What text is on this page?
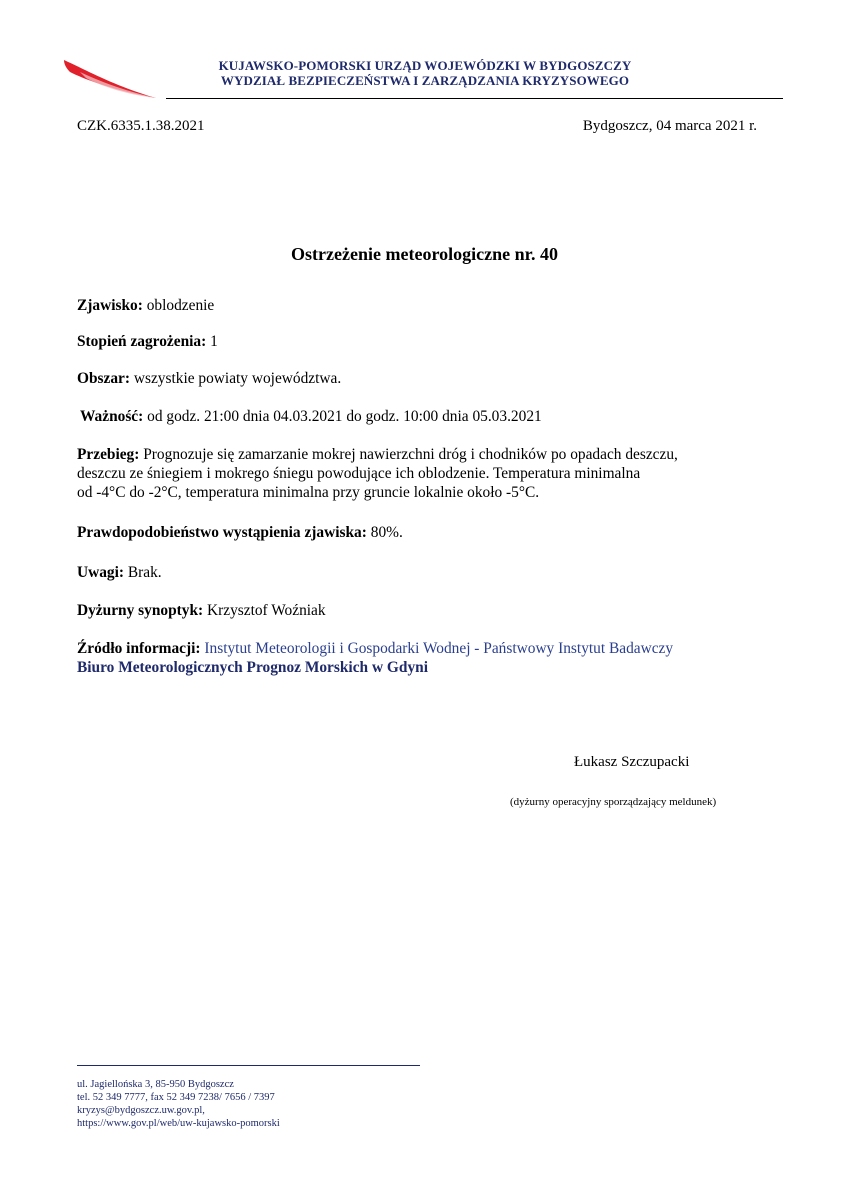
KUJAWSKO-POMORSKI URZĄD WOJEWÓDZKI W BYDGOSZCZY
WYDZIAŁ BEZPIECZEŃSTWA I ZARZĄDZANIA KRYZYSOWEGO
CZK.6335.1.38.2021	Bydgoszcz, 04 marca 2021 r.
Ostrzeżenie meteorologiczne nr. 40
Zjawisko: oblodzenie
Stopień zagrożenia: 1
Obszar: wszystkie powiaty województwa.
Ważność: od godz. 21:00 dnia 04.03.2021 do godz. 10:00 dnia 05.03.2021
Przebieg: Prognozuje się zamarzanie mokrej nawierzchni dróg i chodników po opadach deszczu,
deszczu ze śniegiem i mokrego śniegu powodujące ich oblodzenie. Temperatura minimalna
od -4°C do -2°C, temperatura minimalna przy gruncie lokalnie około -5°C.
Prawdopodobieństwo wystąpienia zjawiska: 80%.
Uwagi: Brak.
Dyżurny synoptyk: Krzysztof Woźniak
Źródło informacji: Instytut Meteorologii i Gospodarki Wodnej - Państwowy Instytut Badawczy
Biuro Meteorologicznych Prognoz Morskich w Gdyni
Łukasz Szczupacki
(dyżurny operacyjny sporządzający meldunek)
ul. Jagiellońska 3, 85-950 Bydgoszcz
tel. 52 349 7777, fax 52 349 7238/ 7656 / 7397
kryzys@bydgoszcz.uw.gov.pl,
https://www.gov.pl/web/uw-kujawsko-pomorski
